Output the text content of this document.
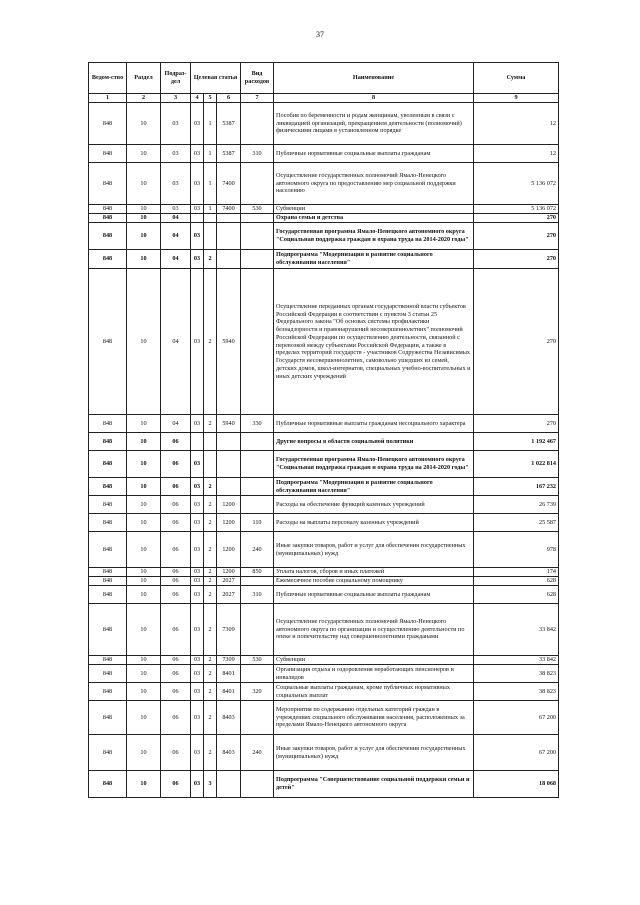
37
Ведом-ство	Раздел	Подраз-дел	Целевая статья			Вид расходов	Наименование	Сумма
1	2	3	4	5	6	7	8	9
848	10	03	03	1	5387		Пособия по беременности и родам женщинам, уволенным в связи с ликвидацией организаций, прекращением деятельности (полномочий) физическими лицами в установленном порядке	12
848	10	03	03	1	5387	310	Публичные нормативные социальные выплаты гражданам	12
848	10	03	03	1	7400		Осуществление государственных полномочий Ямало-Ненецкого автономного округа по предоставлению мер социальной поддержки населению	5 136 072
848	10	03	03	1	7400	530	Субвенции	5 136 072
848	10	04					Охрана семьи и детства	270
848	10	04	03				Государственная программа Ямало-Ненецкого автономного округа "Социальная поддержка граждан и охрана труда на 2014-2020 годы"	270
848	10	04	03	2			Подпрограмма "Модернизация и развитие социального обслуживания населения"	270
848	10	04	03	2	5940		Осуществление переданных органам государственной власти субъектов Российской Федерации в соответствии с пунктом 3 статьи 25 Федерального закона "Об основах системы профилактики безнадзорности и правонарушений несовершеннолетних" полномочий Российской Федерации по осуществлению деятельности, связанной с перевозкой между субъектами Российской Федерации, а также в пределах территорий государств - участников Содружества Независимых Государств несовершеннолетних, самовольно ушедших из семей, детских домов, школ-интернатов, специальных учебно-воспитательных и иных детских учреждений	270
848	10	04	03	2	5940	330	Публичные нормативные выплаты гражданам несоциального характера	270
848	10	06					Другие вопросы в области социальной политики	1 192 467
848	10	06	03				Государственная программа Ямало-Ненецкого автономного округа "Социальная поддержка граждан и охрана труда на 2014-2020 годы"	1 022 814
848	10	06	03	2			Подпрограмма "Модернизация и развитие социального обслуживания населения"	167 232
848	10	06	03	2	1200		Расходы на обеспечение функций казенных учреждений	26 739
848	10	06	03	2	1200	110	Расходы на выплаты персоналу казенных учреждений	25 587
848	10	06	03	2	1200	240	Иные закупки товаров, работ и услуг для обеспечения государственных (муниципальных) нужд	978
848	10	06	03	2	1200	850	Уплата налогов, сборов и иных платежей	174
848	10	06	03	2	2027		Ежемесячное пособие социальному помощнику	628
848	10	06	03	2	2027	310	Публичные нормативные социальные выплаты гражданам	628
848	10	06	03	2	7309		Осуществление государственных полномочий Ямало-Ненецкого автономного округа по организации и осуществлению деятельности по опеке и попечительству над совершеннолетними гражданами	33 842
848	10	06	03	2	7309	530	Субвенции	33 842
848	10	06	03	2	8401		Организация отдыха и оздоровления неработающих пенсионеров и инвалидов	38 823
848	10	06	03	2	8401	320	Социальные выплаты гражданам, кроме публичных нормативных социальных выплат	38 823
848	10	06	03	2	8403		Мероприятия по содержанию отдельных категорий граждан в учреждениях социального обслуживания населения, расположенных за пределами Ямало-Ненецкого автономного округа	67 200
848	10	06	03	2	8403	240	Иные закупки товаров, работ и услуг для обеспечения государственных (муниципальных) нужд	67 200
848	10	06	03	3			Подпрограмма "Совершенствование социальной поддержки семьи и детей"	18 068
